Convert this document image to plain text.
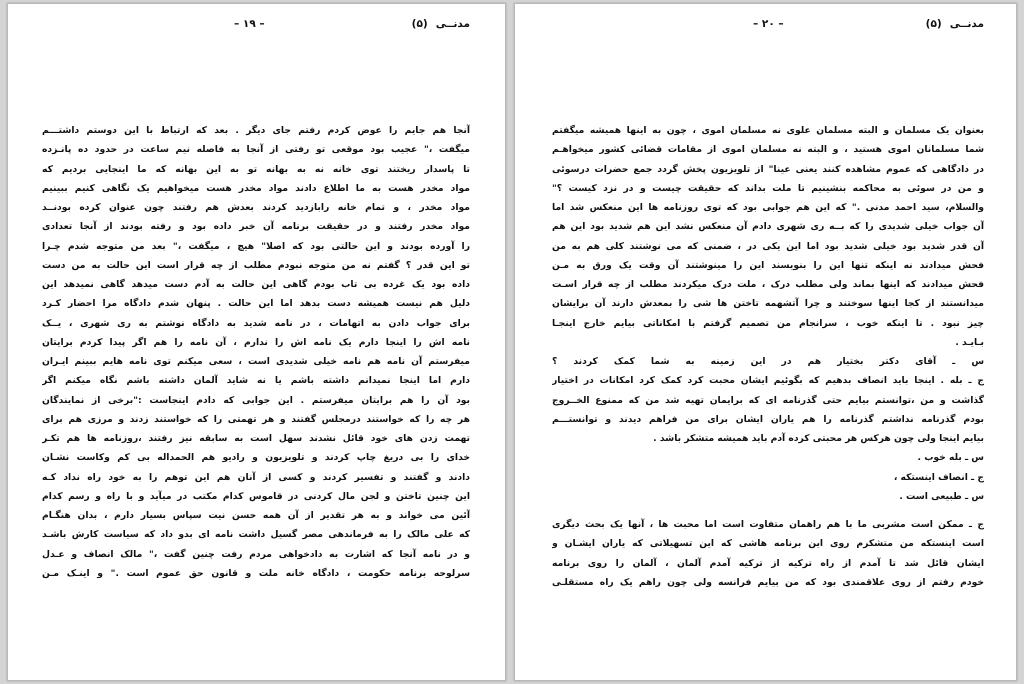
– ۱۹ –	مدنــی(۵)
آنجا هم جایم را عوض کردم رفتم جای دیگر . بعد که ارتباط با این دوستم داشتـــم
میگفت ،" عجیب بود موقعی تو رفتی از آنجا به فاصله نیم ساعت در حدود ده پانـزده
تا پاسدار ریختند توی خانه نه به بهانه تو به این بهانه که ما اینجایی بردیم که
مواد مخدر هست به ما اطلاع دادند مواد مخدر هست میخواهیم یک نگاهی کنیم ببینیم
مواد مخدر ، و تمام خانه رابازدید کردند بعدش هم رفتند چون عنوان کرده بودنــد
مواد مخدر رفتند و در حقیقت برنامه آن خبر داده بود و رفته بودند از آنجا تعدادی
را آورده بودند و این حالتی بود که اصلا" هیچ ، میگفت ،" بعد من متوجه شدم چـرا
تو این قدر ؟ گفتم نه من متوجه نبودم مطلب از چه قرار است این حالت به من دست
داده بود یک غرده بی تاب بودم گاهی این حالت به آدم دست میدهد گاهی نمیدهد این
دلیل هم نیست همیشه دست بدهد اما این حالت . پنهان شدم دادگاه مرا احضار کـرد
برای جواب دادن به اتهامات ، در نامه شدید به دادگاه نوشتم به ری شهری ، یــک
نامه اش را اینجا دارم یک نامه اش را ندارم ، آن نامه را هم اگر پیدا کردم برایتان
میفرستم آن نامه هم نامه خیلی شدیدی است ، سعی میکنم توی نامه هایم ببینم ایـران
دارم اما اینجا نمیدانم داشته باشم یا نه شاید آلمان داشته باشم نگاه میکنم اگر
بود آن را هم برایتان میفرستم . این جوابی که دادم اینجاست :"برخی از نمایندگان
هر چه را که خواستند درمجلس گفتند و هر تهمتی را که خواستند زدند و مرزی هم برای
تهمت زدن های خود قائل نشدند سهل است به سابقه نیز رفتند ،روزنامه ها هم تکـر
خدای را بی دریغ چاپ کردند و تلویزیون و رادیو هم الحمداله بی کم وکاست نشـان
دادند و گفتند و تفسیر کردند و کسی از آنان هم این توهم را به خود راه نداد کـه
این چنین تاختن و لجن مال کردنی در قاموس کدام مکتب در میآید و با راه و رسم کدام
آئین می خواند و به هر تقدیر از آن همه حسن نیت سپاس بسیار دارم ، بدان هنگـام
که علی مالک را به فرماندهی مصر گسیل داشت نامه ای بدو داد که سیاست کارش باشـد
و در نامه آنجا که اشارت به دادخواهی مردم رفت چنین گفت ،" مالک انصاف و عـدل
سرلوحه برنامه حکومت ، دادگاه خانه ملت و قانون حق عموم است ." و اینـک مـن
– ۲۰ –	مدنــی(۵)
بعنوان یک مسلمان و البته مسلمان علوی نه مسلمان اموی ، چون به اینها همیشه میگفتم
شما مسلمانان اموی هستید ، و البته نه مسلمان اموی از مقامات قضائی کشور میخواهـم
در دادگاهی که عموم مشاهده کنند یعنی عینا" از تلویزیون پخش گردد جمع حضرات درسوئی
و من در سوئی به محاکمه بنشینیم تا ملت بداند که حقیقت چیست و در نزد کیست ؟"
والسلام، سید احمد مدنی ." که این هم جوابی بود که توی روزنامه ها این منعکس شد اما
آن جواب خیلی شدیدی را که بــه ری شهری دادم آن منعکس نشد این هم شدید بود این هم
آن قدر شدید بود خیلی شدید بود اما این یکی در ، ضمنی که می نوشتند کلی هم به من
فحش میدادند نه اینکه تنها این را بنویسند این را مینوشتند آن وقت یک ورق به مـن
فحش میدادند که اینها بماند ولی مطلب درک ، ملت درک میکردند مطلب از چه قرار اسـت
میدانستند از کجا اینها سوختند و چرا آتشهمه تاختن ها شی را بمعدش دارند آن برایشان
چیز نبود . تا اینکه خوب ، سرانجام من تصمیم گرفتم با امکاناتی بیایم خارج اینجـا
بـایـد .
س ـ آقای دکتر بختیار هم در این زمینه به شما کمک کردند ؟
ج ـ بله . اینجا باید انصاف بدهیم که بگوئیم ایشان محبت کرد کمک کرد امکانات در اختیار
گذاشت و من ،توانستم بیایم حتی گذرنامه ای که برایمان تهیه شد من که ممنوع الخــروج
بودم گذرنامه نداشتم گذرنامه را هم یاران ایشان برای من فراهم دیدند و توانستـــم
بیایم اینجا ولی چون هرکس هر محبتی کرده آدم باید همیشه متشکر باشد .
س ـ بله خوب .
ج ـ انصاف اینستکه ،
س ـ طبیعی است .
ج ـ ممکن است مشربی ما با هم راهمان متفاوت است اما محبت ها ، آنها یک بحث دیگری
است اینستکه من متشکرم روی این برنامه هاشی که این تسهیلاتی که یاران ایشـان و
ایشان قائل شد تا آمدم از راه ترکیه از ترکیه آمدم آلمان ، آلمان را روی برنامه
خودم رفتم از روی علاقمندی بود که من بیایم فرانسه ولی چون راهم یک راه مستقلـی
